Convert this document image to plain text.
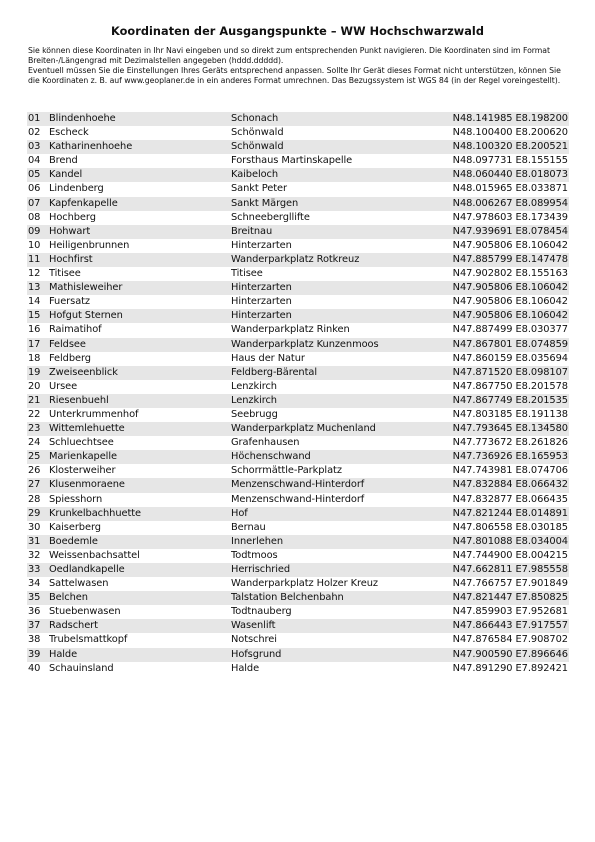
Koordinaten der Ausgangspunkte – WW Hochschwarzwald

Sie können diese Koordinaten in Ihr Navi eingeben und so direkt zum entsprechenden Punkt navigieren. Die Koordinaten sind im Format Breiten-/Längengrad mit Dezimalstellen angegeben (hddd.ddddd).

Eventuell müssen Sie die Einstellungen Ihres Geräts entsprechend anpassen. Sollte Ihr Gerät dieses Format nicht unterstützen, können Sie die Koordinaten z. B. auf www.geoplaner.de in ein anderes Format umrechnen. Das Bezugssystem ist WGS 84 (in der Regel voreingestellt).

01	Blindenhoehe	Schonach	N48.141985 E8.198200
02	Escheck	Schönwald	N48.100400 E8.200620
03	Katharinenhoehe	Schönwald	N48.100320 E8.200521
04	Brend	Forsthaus Martinskapelle	N48.097731 E8.155155
05	Kandel	Kaibeloch	N48.060440 E8.018073
06	Lindenberg	Sankt Peter	N48.015965 E8.033871
07	Kapfenkapelle	Sankt Märgen	N48.006267 E8.089954
08	Hochberg	Schneebergllifte	N47.978603 E8.173439
09	Hohwart	Breitnau	N47.939691 E8.078454
10	Heiligenbrunnen	Hinterzarten	N47.905806 E8.106042
11	Hochfirst	Wanderparkplatz Rotkreuz	N47.885799 E8.147478
12	Titisee	Titisee	N47.902802 E8.155163
13	Mathisleweiher	Hinterzarten	N47.905806 E8.106042
14	Fuersatz	Hinterzarten	N47.905806 E8.106042
15	Hofgut Sternen	Hinterzarten	N47.905806 E8.106042
16	Raimatihof	Wanderparkplatz Rinken	N47.887499 E8.030377
17	Feldsee	Wanderparkplatz Kunzenmoos	N47.867801 E8.074859
18	Feldberg	Haus der Natur	N47.860159 E8.035694
19	Zweiseenblick	Feldberg-Bärental	N47.871520 E8.098107
20	Ursee	Lenzkirch	N47.867750 E8.201578
21	Riesenbuehl	Lenzkirch	N47.867749 E8.201535
22	Unterkrummenhof	Seebrugg	N47.803185 E8.191138
23	Wittemlehuette	Wanderparkplatz Muchenland	N47.793645 E8.134580
24	Schluechtsee	Grafenhausen	N47.773672 E8.261826
25	Marienkapelle	Höchenschwand	N47.736926 E8.165953
26	Klosterweiher	Schorrmättle-Parkplatz	N47.743981 E8.074706
27	Klusenmoraene	Menzenschwand-Hinterdorf	N47.832884 E8.066432
28	Spiesshorn	Menzenschwand-Hinterdorf	N47.832877 E8.066435
29	Krunkelbachhuette	Hof	N47.821244 E8.014891
30	Kaiserberg	Bernau	N47.806558 E8.030185
31	Boedemle	Innerlehen	N47.801088 E8.034004
32	Weissenbachsattel	Todtmoos	N47.744900 E8.004215
33	Oedlandkapelle	Herrischried	N47.662811 E7.985558
34	Sattelwasen	Wanderparkplatz Holzer Kreuz	N47.766757 E7.901849
35	Belchen	Talstation Belchenbahn	N47.821447 E7.850825
36	Stuebenwasen	Todtnauberg	N47.859903 E7.952681
37	Radschert	Wasenlift	N47.866443 E7.917557
38	Trubelsmattkopf	Notschrei	N47.876584 E7.908702
39	Halde	Hofsgrund	N47.900590 E7.896646
40	Schauinsland	Halde	N47.891290 E7.892421
